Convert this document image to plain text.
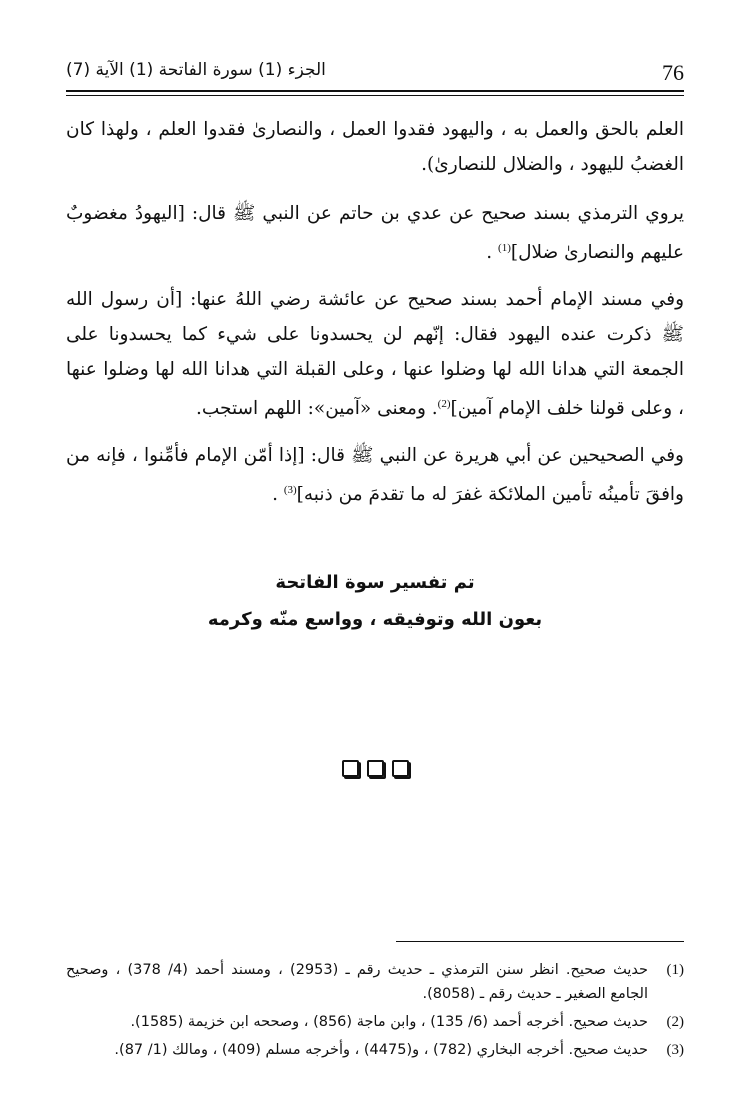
76
الجزء (1) سورة الفاتحة (1) الآية (7)

العلم بالحق والعمل به ، واليهود فقدوا العمل ، والنصارىٰ فقدوا العلم ، ولهذا كان الغضبُ لليهود ، والضلال للنصارىٰ).

يروي الترمذي بسند صحيح عن عدي بن حاتم عن النبي ﷺ قال: [اليهودُ مغضوبٌ عليهم والنصارىٰ ضلال]$^{(1)}$ .

وفي مسند الإمام أحمد بسند صحيح عن عائشة رضي اللهُ عنها: [أن رسول الله ﷺ ذكرت عنده اليهود فقال: إنّهم لن يحسدونا على شيء كما يحسدونا على الجمعة التي هدانا الله لها وضلوا عنها ، وعلى القبلة التي هدانا الله لها وضلوا عنها ، وعلى قولنا خلف الإمام آمين]$^{(2)}$. ومعنى «آمين»: اللهم استجب.

وفي الصحيحين عن أبي هريرة عن النبي ﷺ قال: [إذا أمّن الإمام فأمِّنوا ، فإنه من وافقَ تأمينُه تأمين الملائكة غفرَ له ما تقدمَ من ذنبه]$^{(3)}$ .

تم تفسير سوة الفاتحة
بعون الله وتوفيقه ، وواسع منّه وكرمه
(1)
حديث صحيح. انظر سنن الترمذي ـ حديث رقم ـ (2953) ، ومسند أحمد (4/ 378) ، وصحيح الجامع الصغير ـ حديث رقم ـ (8058).
(2)
حديث صحيح. أخرجه أحمد (6/ 135) ، وابن ماجة (856) ، وصححه ابن خزيمة (1585).
(3)
حديث صحيح. أخرجه البخاري (782) ، و(4475) ، وأخرجه مسلم (409) ، ومالك (1/ 87).
